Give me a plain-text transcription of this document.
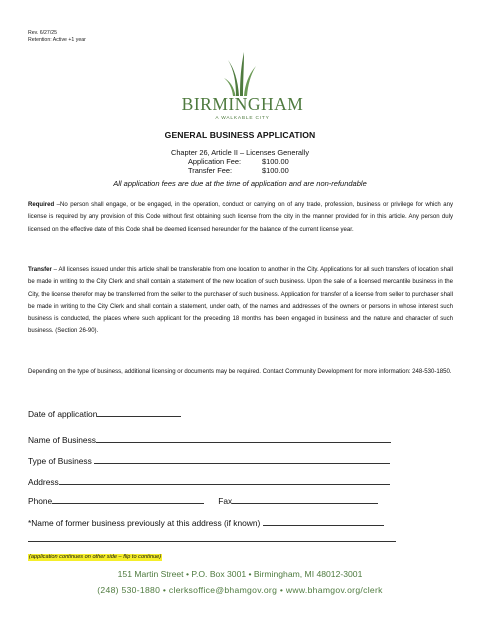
Rev. 6/27/25
Retention: Active +1 year
BIRMINGHAM
A WALKABLE CITY
GENERAL BUSINESS APPLICATION
Chapter 26, Article II – Licenses Generally
Application Fee:	$100.00
Transfer Fee:	$100.00
All application fees are due at the time of application and are non-refundable
Required –No person shall engage, or be engaged, in the operation, conduct or carrying on of any trade, profession, business or privilege for which any license is required by any provision of this Code without first obtaining such license from the city in the manner provided for in this article. Any person duly licensed on the effective date of this Code shall be deemed licensed hereunder for the balance of the current license year.
Transfer – All licenses issued under this article shall be transferable from one location to another in the City. Applications for all such transfers of location shall be made in writing to the City Clerk and shall contain a statement of the new location of such business. Upon the sale of a licensed mercantile business in the City, the license therefor may be transferred from the seller to the purchaser of such business. Application for transfer of a license from seller to purchaser shall be made in writing to the City Clerk and shall contain a statement, under oath, of the names and addresses of the owners or persons in whose interest such business is conducted, the places where such applicant for the preceding 18 months has been engaged in business and the nature and character of such business. (Section 26-90).
Depending on the type of business, additional licensing or documents may be required. Contact Community Development for more information: 248-530-1850.
Date of application
Name of Business
Type of Business
Address
Phone	Fax
*Name of former business previously at this address (if known)
(application continues on other side – flip to continue)
151 Martin Street • P.O. Box 3001 • Birmingham, MI 48012-3001
(248) 530-1880 • clerksoffice@bhamgov.org • www.bhamgov.org/clerk
